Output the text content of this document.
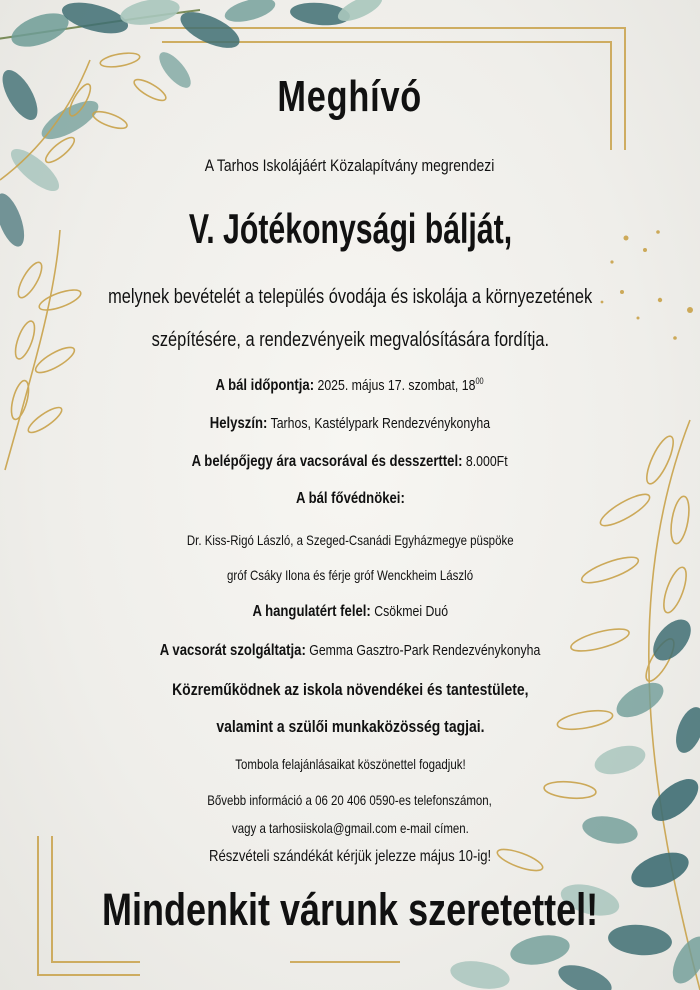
Meghívó
A Tarhos Iskolájáért Közalapítvány megrendezi
V. Jótékonysági bálját,
melynek bevételét a település óvodája és iskolája a környezetének
szépítésére, a rendezvényeik megvalósítására fordítja.
A bál időpontja: 2025. május 17. szombat, $18^{00}$
Helyszín: Tarhos, Kastélypark Rendezvénykonyha
A belépőjegy ára vacsorával és desszerttel: 8.000Ft
A bál fővédnökei:
Dr. Kiss-Rigó László, a Szeged-Csanádi Egyházmegye püspöke
gróf Csáky Ilona és férje gróf Wenckheim László
A hangulatért felel: Csökmei Duó
A vacsorát szolgáltatja: Gemma Gasztro-Park Rendezvénykonyha
Közreműködnek az iskola növendékei és tantestülete,
valamint a szülői munkaközösség tagjai.
Tombola felajánlásaikat köszönettel fogadjuk!
Bővebb információ a 06 20 406 0590-es telefonszámon,
vagy a tarhosiiskola@gmail.com e-mail címen.
Részvételi szándékát kérjük jelezze május 10-ig!
Mindenkit várunk szeretettel!
